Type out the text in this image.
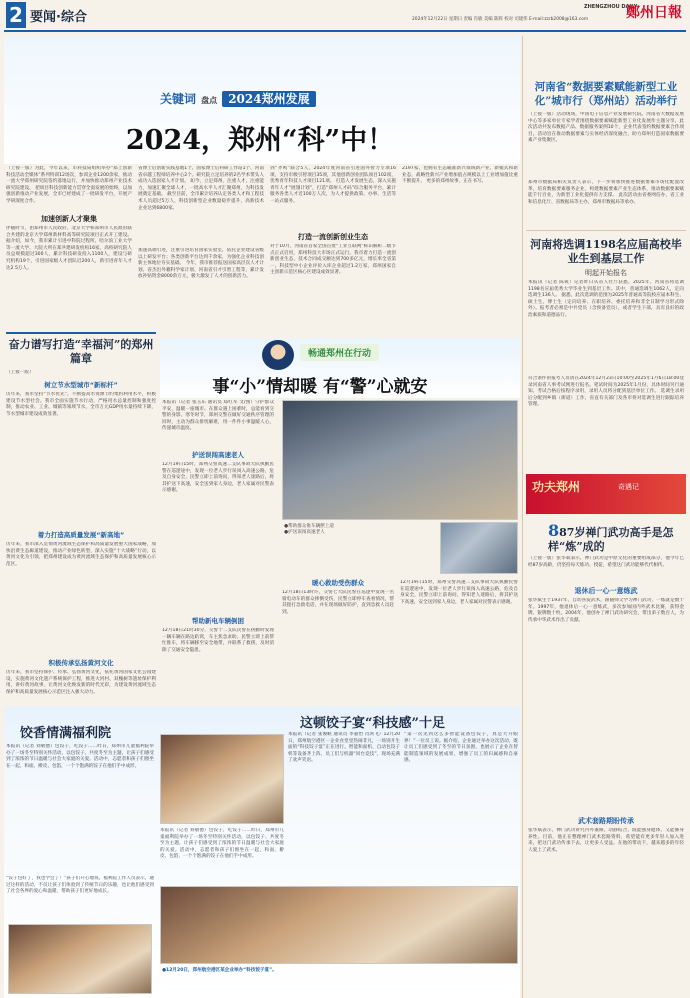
2 要闻·综合	2024年12月22日 星期日 责编 肖敏 美编 陈辉 校对 司建伟 E-mail:zzrb2008@163.com
ZHENGZHOU DAILY
鄭州日報
关键词 盘点 2024郑州发展
2024，郑州“科”中！
（上接一版）为此，今年以来，市科技局组织举办“郑上创新科技活动全媒体”系列特训12场次，参训企业1200余家，推动一流大学郑州研究院签约落地运行，并加快推动郑州产业技术研究院建设。 把项目科技创新能力贯穿全面发展的始终，以加强创新推动产业发展，全市已经建成了一批研发平台，开展产学研深度合作。
加速创新人才聚集
伴随时节，由郑州市人民政府、北京大学和郑州市人民政府联合共建的北京大学郑州新材料高等研究院项目正式开工建设。据介绍，如今，我市累计引进中科院过程所、哈尔滨工业大学等一流大学、大院大所在郑共建研发机构16家，高校研究院人员总规模超过300人，累计科技研发投入1100人，建设与研究机构19个，引进国家级人才团队近200人，新引进青年人才达2.5万人。
省博士后创新实践基地1个、国家博士后科研工作站1个、河南省卓越工程师培养中心2个。研究院立足培养的2名学术带头人成功入选国家人才计划。 如今，立足郑州，注重人才、注重能力，加速汇聚全球人才，一批高水平人才汇聚郑州，为科技发展奠定基础。 截至目前，全市累计培养认定各类人才和工程技术人员超过5万人，科技创新型企业数量稳步提升，高新技术企业达到6800家。
加速高端引进，注重引进培育国家实验室，依托企业建设省级以上研发平台；各类创新平台达到千余家，为强化企业科技创新主体地位夯实基础。 今年，我市推荐报送国家高层次人才计划、省杰出外籍科学家计划、河南省引才引智工程等，累计发放补贴资金8000余万元，极大激发了人才的创新活力。
到“齐鸣”联合5人，2024年度河南省引进国外智力专项16项，支持市级引智项目35项，其他创新创业团队项目102项，优秀青年科技人才项目121项。 打造人才发展生态，深入实施青年人才“展翅计划”，打造“郑州人才码”综合服务平台，累计服务各类人才近100万人次，为人才提供政策、办事、生活等一站式服务。
打造一流创新创业生态
对于10月，河南省首家全国首批“工业互联网”标识解析二级节点正式启用，郑州科技大市场正式运行。我市着力打造一流创新创业生态，技术合同成交额达到700多亿元，增长率全省第一。科技型中小企业评价入库企业超过1.2万家，郑州国家自主创新示范区核心区建设成效显著。
2197家，也拥有生态瞄准新兴领域新产业、新模式和新业态，战略性新兴产业增加值占规模以上工业增加值比重不断提升。 更多的郑州故事，正在书写。
河南省“数据要素赋能新型工业化”城市行（郑州站）活动举行
（上接一版）活动现场，中国电子信息产业发展研究院、河南省大数据发展中心等多家单位专家学者围绕数据要素赋能新型工业化发展作主题分享。此次活动共发布数据产品、数据服务案例10个，企业代表签约数据要素合作项目。活动旨在推动数据要素与实体经济深度融合，助力郑州打造国家数据要素产业集聚区。
郑州市数据局相关负责人表示，下一步将加快推进数据要素市场化配置改革，培育数据要素服务企业，构建数据要素产业生态体系，推动数据要素赋能千行百业，为新型工业化提供有力支撑。 此次活动由省委网信办、省工业和信息化厅、省数据局等主办，郑州市数据局等承办。
河南将选调1198名应届高校毕业生到基层工作
明起开始报名
本报讯（记者 陈锐）记者昨日从省人社厅获悉，2025年，河南省将选调1198名应届优秀大学毕业生到基层工作。其中，普通选调生1062人，定向选调生136人。 据悉，此次选调的范围为2025年普通高等院校应届本科生、硕士生、博士生（定向培养、在职培养、委托培养和非全日制学习形式除外）。报考者必须是中共党员（含预备党员），或者学生干部，具有良好的政治素质和道德品行。
符合条件的报考人员请在2024年12月23日10:00至2025年1月6日18:00登录河南省人事考试网进行报名。笔试时间为2025年1月份，具体时间另行通知。考试合格后按程序录用，录用人员将分配到基层单位工作。 选调生录用后分配到乡镇（街道）工作，省直有关部门及各市将对选调生进行跟踪培养管理。
功夫郑州	奇遇记
887岁禅门武功高手是怎样“炼”成的
（上接一版）张华斌表示，禅门武功是中原文化的重要组成部分，他今年已经87岁高龄，仍坚持每天练功、授徒，希望这门武功能够代代相传。
退休后一心一意练武
张华斌生于1937年，自幼喜爱武术，跟随师父学习禅门武功，一练就是数十年。1997年，他退休后一心一意练武，多次参加国内外武术比赛，获得金牌、银牌数十枚。2004年，他创办了禅门武功研究会，带出弟子数百人，为传承中华武术作出了贡献。
武术套路期盼传承
张华斌表示，禅门武功讲究内外兼修，动静结合，既能强身健体，又能修身养性。目前，他正在整理禅门武术套路资料，希望能有更多年轻人加入进来，把这门武功传承下去，让更多人受益。在他的带动下，越来越多的年轻人爱上了武术。
奋力谱写打造“幸福河”的郑州篇章
（上接一版）
树立节水型城市“新标杆”
历年来，我市坚持“节水优先”，不断提高水资源节约集约利用水平，积极建设节水型社会。我市全面实施节水行动，严格用水总量控制和强度控制，推动农业、工业、城镇等领域节水，全市万元GDP用水量持续下降，节水型城市建设成效显著。
着力打造高质量发展“新高地”
历年来，我市深入贯彻黄河流域生态保护和高质量发展重大国家战略，加快沿黄生态廊道建设，推动产业绿色转型，深入实施“十大战略”行动，以黄河文化为引领，把郑州建设成为黄河流域生态保护和高质量发展核心示范区。
积极传承弘扬黄河文化
历年来，我市坚持保护、传承、弘扬黄河文化，依托黄河国家文化公园建设，实施黄河文化遗产系统保护工程，推进大河村、双槐树等遗址保护利用，讲好黄河故事，让黄河文化焕发新的时代光彩，为建设黄河流域生态保护和高质量发展核心示范区注入强大动力。
畅通郑州在行动
事“小”情却暖 有“警”心就安
本报讯（记者 张玉东 通讯员 郑红军 文/图）守护群众平安，温暖一座城市。在群众遇上困难时，总能看到交警的身影。寒冬时节，郑州交警在做好交通秩序管理的同时，主动为群众排忧解难，用一件件小事温暖人心，传递城市温度。
护送误闯高速老人
12月19日15时，郑州交警高速二支队事故大队执勤民警在巡逻途中，发现一位老人步行误闯入高速公路，危及自身安全，民警立即上前询问，得知老人迷路后，将其护送下高速，安全送到家人身边，老人家属对民警表示感谢。
帮助新电车辆倒困
12月18日21时30分，交警十二支队民警在执勤时发现一辆车辆在路边趴窝，车主焦急求助。民警立即上前帮忙推车，将车辆移至安全地带，并联系了救援，及时消除了交通安全隐患。
●帮助群众推车辆摆上道
●护送误闯高速老人
暖心救助受伤群众
12月18日13时许，交警七大队民警在巡逻中发现一名骑电动车的群众摔倒受伤，民警立即停车查看情况，帮其拨打急救电话，并在现场做好防护，直到急救人员赶到。
12月19日15时，郑州交警高速二支队事故大队执勤民警在巡逻途中，发现一位老人步行误闯入高速公路，危及自身安全，民警立即上前询问，得知老人迷路后，将其护送下高速，安全送到家人身边，老人家属对民警表示感谢。
饺香情满福利院
本报讯（记者 刘敬德）包饺子，吃饺子……昨日，郑州市儿童福利院举办了一场冬至特别关怀活动，以包饺子、共度冬至为主题，让孩子们感受到了浓浓的节日温暖与社会大家庭的关爱。活动中，志愿者和孩子们围坐在一起，和面、擀皮、包馅，一个个饱满的饺子在他们手中成形。
“饺子包好了，我也学会了！”孩子们开心地说。福利院工作人员表示，通过这样的活动，不仅让孩子们体验到了传统节日的乐趣，也让他们感受到了社会各界的爱心和温暖，帮助孩子们更好地成长。
这顿饺子宴“科技感”十足
本报讯（记者 张俊峡 通讯员 李嘉怡 肖鸿飞）12月20日，郑州航空港区一企业食堂里热闹非凡，一场别开生面的“科技饺子宴”正在进行。智能和面机、自动包饺子机等设备齐上阵，员工们与机器“同台竞技”，现场充满了欢声笑语。
“第一次见到这么多智能设备包饺子，真是大开眼界！”一位员工说。据介绍，企业通过举办这次活动，既让员工们感受到了冬至的节日氛围，也展示了企业在智能制造领域的发展成果，增强了员工的归属感和自豪感。
本报讯（记者 刘敬德）包饺子，吃饺子……昨日，郑州市儿童福利院举办了一场冬至特别关怀活动，以包饺子、共度冬至为主题，让孩子们感受到了浓浓的节日温暖与社会大家庭的关爱。活动中，志愿者和孩子们围坐在一起，和面、擀皮、包馅，一个个饱满的饺子在他们手中成形。
●12月20日，郑州航空港区某企业举办“科技饺子宴”。
